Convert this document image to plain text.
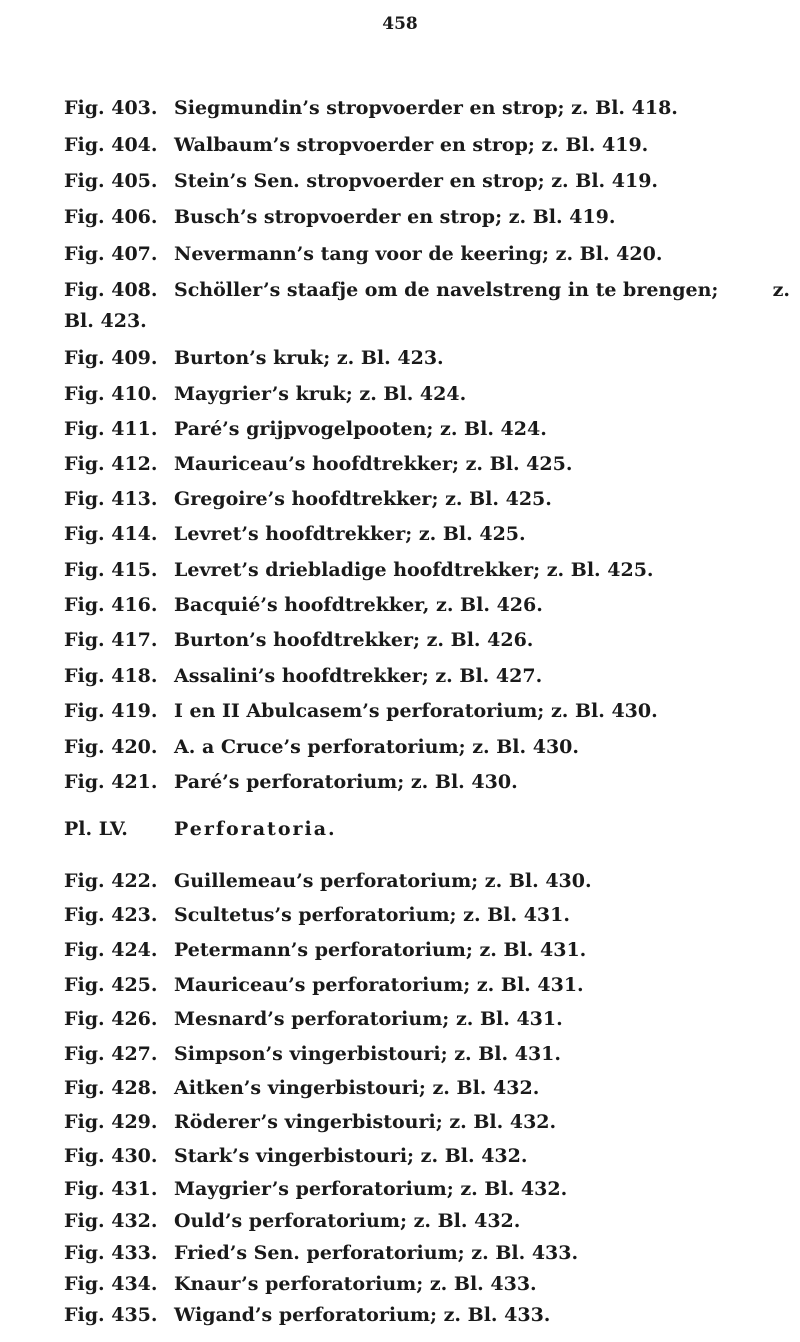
458
Fig. 403. Siegmundin’s stropvoerder en strop; z. Bl. 418.
Fig. 404. Walbaum’s stropvoerder en strop; z. Bl. 419.
Fig. 405. Stein’s Sen. stropvoerder en strop; z. Bl. 419.
Fig. 406. Busch’s stropvoerder en strop; z. Bl. 419.
Fig. 407. Nevermann’s tang voor de keering; z. Bl. 420.
Fig. 408. Schöller’s staafje om de navelstreng in te brengen;	z.
Bl. 423.
Fig. 409. Burton’s kruk; z. Bl. 423.
Fig. 410. Maygrier’s kruk; z. Bl. 424.
Fig. 411. Paré’s grijpvogelpooten; z. Bl. 424.
Fig. 412. Mauriceau’s hoofdtrekker; z. Bl. 425.
Fig. 413. Gregoire’s hoofdtrekker; z. Bl. 425.
Fig. 414. Levret’s hoofdtrekker; z. Bl. 425.
Fig. 415. Levret’s driebladige hoofdtrekker; z. Bl. 425.
Fig. 416. Bacquié’s hoofdtrekker, z. Bl. 426.
Fig. 417. Burton’s hoofdtrekker; z. Bl. 426.
Fig. 418. Assalini’s hoofdtrekker; z. Bl. 427.
Fig. 419. I en II Abulcasem’s perforatorium; z. Bl. 430.
Fig. 420. A. a Cruce’s perforatorium; z. Bl. 430.
Fig. 421. Paré’s perforatorium; z. Bl. 430.
Pl. LV. Perforatoria.
Fig. 422. Guillemeau’s perforatorium; z. Bl. 430.
Fig. 423. Scultetus’s perforatorium; z. Bl. 431.
Fig. 424. Petermann’s perforatorium; z. Bl. 431.
Fig. 425. Mauriceau’s perforatorium; z. Bl. 431.
Fig. 426. Mesnard’s perforatorium; z. Bl. 431.
Fig. 427. Simpson’s vingerbistouri; z. Bl. 431.
Fig. 428. Aitken’s vingerbistouri; z. Bl. 432.
Fig. 429. Röderer’s vingerbistouri; z. Bl. 432.
Fig. 430. Stark’s vingerbistouri; z. Bl. 432.
Fig. 431. Maygrier’s perforatorium; z. Bl. 432.
Fig. 432. Ould’s perforatorium; z. Bl. 432.
Fig. 433. Fried’s Sen. perforatorium; z. Bl. 433.
Fig. 434. Knaur’s perforatorium; z. Bl. 433.
Fig. 435. Wigand’s perforatorium; z. Bl. 433.
